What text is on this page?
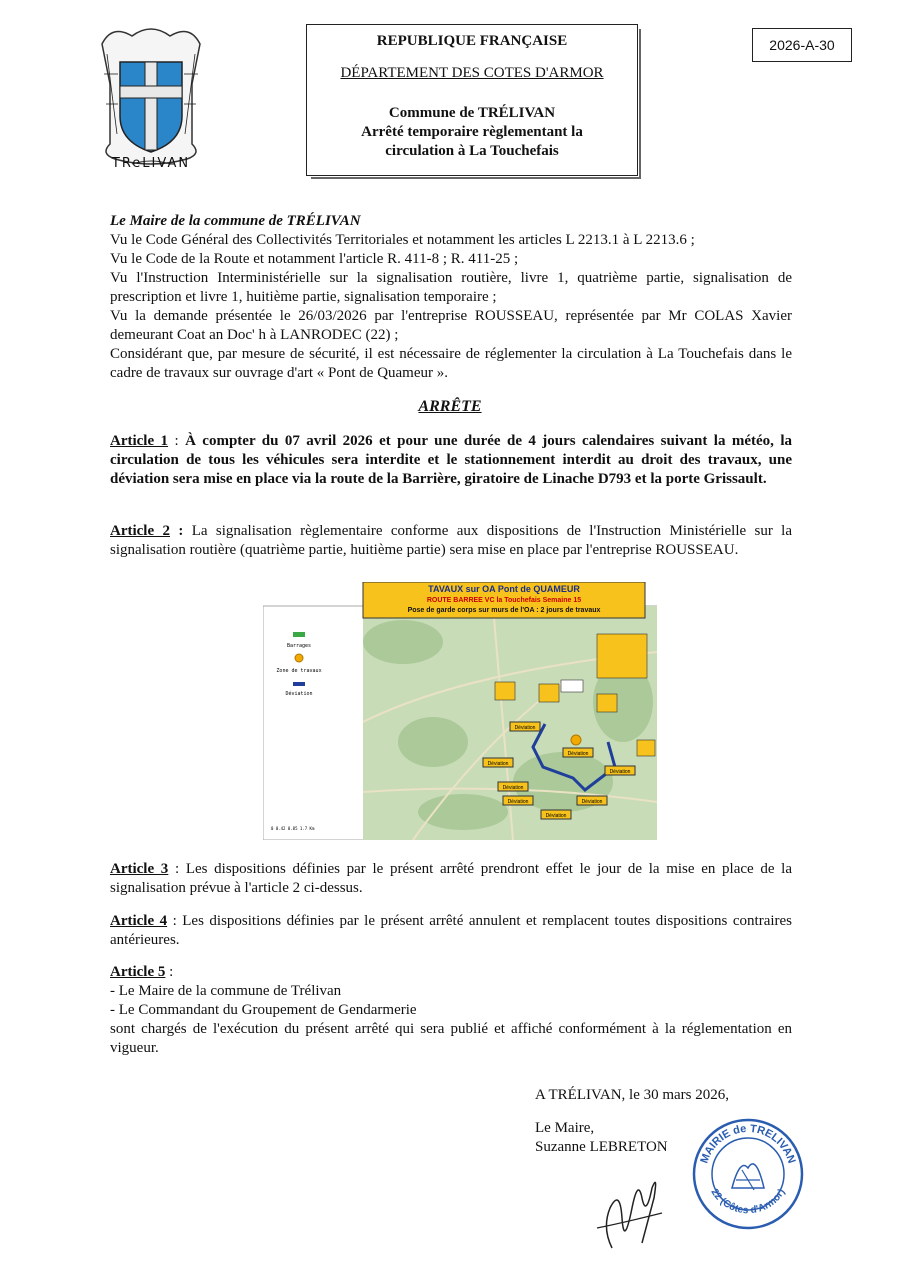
TReLIVAN
REPUBLIQUE FRANÇAISE
DÉPARTEMENT DES COTES D'ARMOR
Commune de TRÉLIVAN
Arrêté temporaire règlementant la
circulation à La Touchefais
2026-A-30
Le Maire de la commune de TRÉLIVAN
Vu le Code Général des Collectivités Territoriales et notamment les articles L 2213.1 à L 2213.6 ;
Vu le Code de la Route et notamment l'article R. 411-8 ; R. 411-25 ;
Vu l'Instruction Interministérielle sur la signalisation routière, livre 1, quatrième partie, signalisation de prescription et livre 1, huitième partie, signalisation temporaire ;
Vu la demande présentée le 26/03/2026 par l'entreprise ROUSSEAU, représentée par Mr COLAS Xavier demeurant Coat an Doc' h à LANRODEC (22) ;
Considérant que, par mesure de sécurité, il est nécessaire de réglementer la circulation à La Touchefais dans le cadre de travaux sur ouvrage d'art « Pont de Quameur ».
ARRÊTE
Article 1 : À compter du 07 avril 2026 et pour une durée de 4 jours calendaires suivant la météo, la circulation de tous les véhicules sera interdite et le stationnement interdit au droit des travaux, une déviation sera mise en place via la route de la Barrière, giratoire de Linache D793 et la porte Grissault.
Article 2 : La signalisation règlementaire conforme aux dispositions de l'Instruction Ministérielle sur la signalisation routière (quatrième partie, huitième partie) sera mise en place par l'entreprise ROUSSEAU.
TAVAUX sur OA Pont de QUAMEUR
ROUTE BARREE VC la Touchefais Semaine 15
Pose de garde corps sur murs de l'OA : 2 jours de travaux
Barrages
Zone de travaux
Déviation
0 0.42 0.85 1.7 Km
Déviation
Déviation
Déviation
Déviation
Déviation
Déviation
Déviation
Déviation
Article 3 : Les dispositions définies par le présent arrêté prendront effet le jour de la mise en place de la signalisation prévue à l'article 2 ci-dessus.
Article 4 : Les dispositions définies par le présent arrêté annulent et remplacent toutes dispositions contraires antérieures.
Article 5 :
- Le Maire de la commune de Trélivan
- Le Commandant du Groupement de Gendarmerie
sont chargés de l'exécution du présent arrêté qui sera publié et affiché conformément à la réglementation en vigueur.
A TRÉLIVAN, le 30 mars 2026,
Le Maire,
Suzanne LEBRETON
MAIRIE de TRELIVAN
22 (Côtes d'Armor)
